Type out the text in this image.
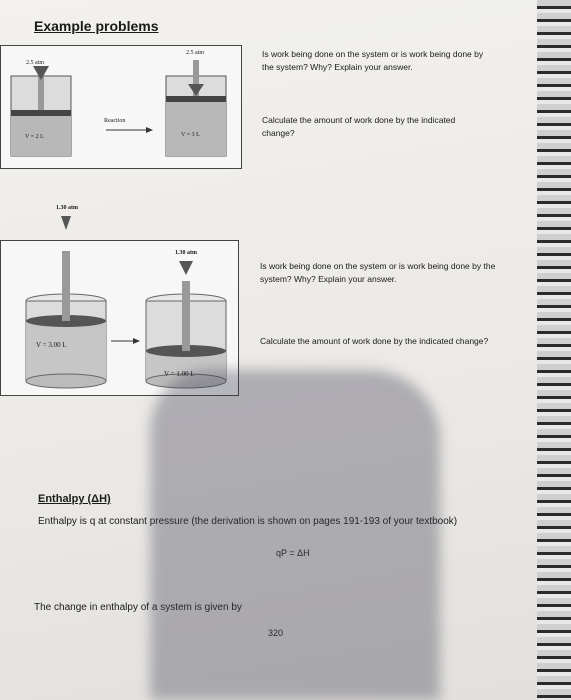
Example problems
2.5 atm
2.5 atm
V = 2 L	V = 3 L
Reaction
Is work being done on the system or is work being done by the system? Why? Explain your answer.
Calculate the amount of work done by the indicated change?
1.30 atm
V = 3.00 L
V = 1.00 L
1.30 atm
Is work being done on the system or is work being done by the system? Why? Explain your answer.
Calculate the amount of work done by the indicated change?
Enthalpy (ΔH)
Enthalpy is q at constant pressure (the derivation is shown on pages 191-193 of your textbook)
qP = ΔH
The change in enthalpy of a system is given by
320
